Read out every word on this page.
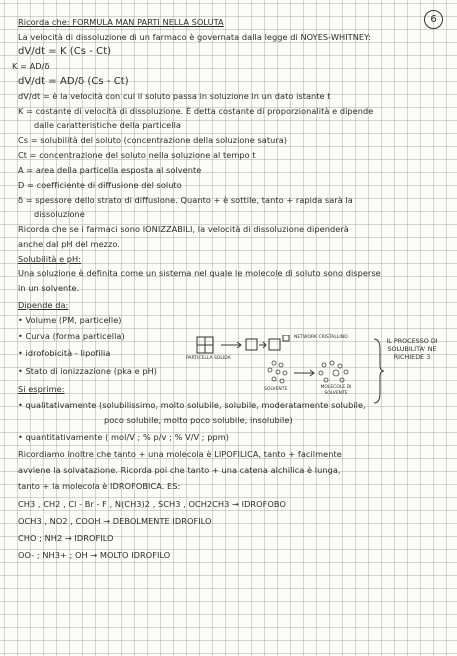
6
Ricorda che: FORMULA MAN PARTI NELLA SOLUTA
La velocità di dissoluzione di un farmaco è governata dalla legge di NOYES-WHITNEY:
dV/dt = K (Cs - Ct)
K = AD/δ
dV/dt = AD/δ (Cs - Ct)
dV/dt = è la velocità con cui il soluto passa in soluzione in un dato istante t
K = costante di velocità di dissoluzione. È detta costante di proporzionalità e dipende
dalle caratteristiche della particella
Cs = solubilità del soluto (concentrazione della soluzione satura)
Ct = concentrazione del soluto nella soluzione al tempo t
A = area della particella esposta al solvente
D = coefficiente di diffusione del soluto
δ = spessore dello strato di diffusione. Quanto + è sottile, tanto + rapida sarà la
dissoluzione
Ricorda che se i farmaci sono IONIZZABILI, la velocità di dissoluzione dipenderà
anche dal pH del mezzo.
Solubilità e pH:
Una soluzione è definita come un sistema nel quale le molecole di soluto sono disperse
in un solvente.
Dipende da:
• Volume (PM, particelle)
• Curva (forma particella)
• idrofobicità - lipofilia
• Stato di ionizzazione (pka e pH)
Si esprime:
• qualitativamente (solubilissimo, molto solubile, solubile, moderatamente solubile,
poco solubile, molto poco solubile, insolubile)
• quantitativamente ( mol/V ; % p/v ; % V/V ; ppm)
Ricordiamo inoltre che tanto + una molecola è LIPOFILICA, tanto + facilmente
avviene la solvatazione. Ricorda poi che tanto + una catena alchilica è lunga,
tanto + la molecola è IDROFOBICA. ES:
CH3 , CH2 , Cl - Br - F , N(CH3)2 , SCH3 , OCH2CH3 → IDROFOBO
OCH3 , NO2 , COOH → DEBOLMENTE IDROFILO
CHO ; NH2 → IDROFILO
OO- ; NH3+ ; OH → MOLTO IDROFILO
PARTICELLA SOLIDA
NETWORK CRISTALLINO
SOLVENTE	MOLECOLE DI SOLVENTE
IL PROCESSO DI SOLUBILITA' NE RICHIEDE 3
